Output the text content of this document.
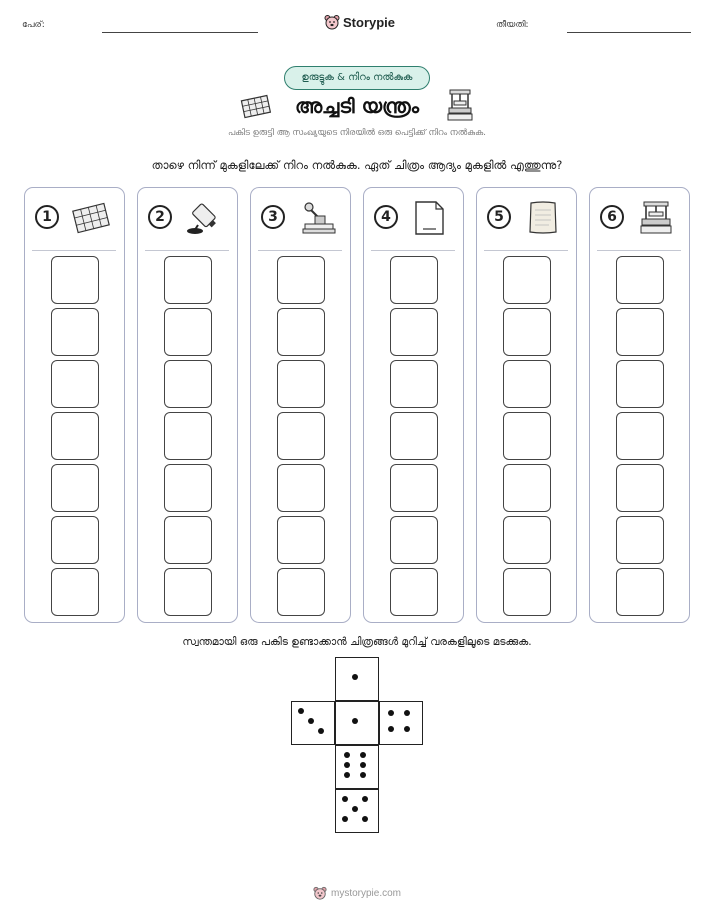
പേര്:	Storypie	തീയതി:
ഉരുട്ടുക & നിറം നൽകുക
അച്ചടി യന്ത്രം
പകിട ഉരുട്ടി ആ സംഖ്യയുടെ നിരയിൽ ഒരു പെട്ടിക്ക് നിറം നൽകുക.
താഴെ നിന്ന് മുകളിലേക്ക് നിറം നൽകുക. ഏത് ചിത്രം ആദ്യം മുകളിൽ എത്തുന്നു?
1	2	3	4	5	6
സ്വന്തമായി ഒരു പകിട ഉണ്ടാക്കാൻ ചിത്രങ്ങൾ മുറിച്ച് വരകളിലൂടെ മടക്കുക.
mystorypie.com
